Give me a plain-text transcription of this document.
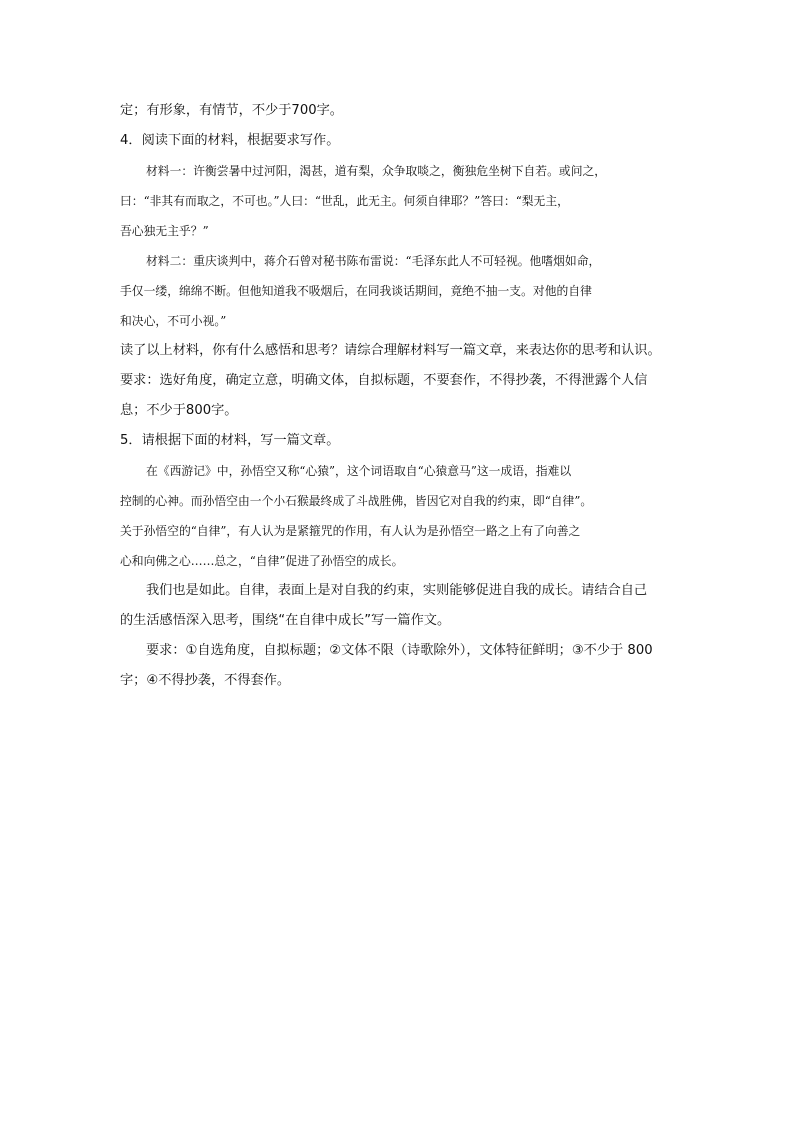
定；有形象，有情节，不少于700字。
4．阅读下面的材料，根据要求写作。
材料一：许衡尝暑中过河阳，渴甚，道有梨，众争取啖之，衡独危坐树下自若。或问之，
曰：“非其有而取之，不可也。”人曰：“世乱，此无主。何须自律耶？”答曰：“梨无主，
吾心独无主乎？”
材料二：重庆谈判中，蒋介石曾对秘书陈布雷说：“毛泽东此人不可轻视。他嗜烟如命，
手仅一缕，绵绵不断。但他知道我不吸烟后，在同我谈话期间，竟绝不抽一支。对他的自律
和决心，不可小视。”
读了以上材料，你有什么感悟和思考？请综合理解材料写一篇文章，来表达你的思考和认识。
要求：选好角度，确定立意，明确文体，自拟标题，不要套作，不得抄袭，不得泄露个人信
息；不少于800字。
5．请根据下面的材料，写一篇文章。
在《西游记》中，孙悟空又称“心猿”，这个词语取自“心猿意马”这一成语，指难以
控制的心神。而孙悟空由一个小石猴最终成了斗战胜佛，皆因它对自我的约束，即“自律”。
关于孙悟空的“自律”，有人认为是紧箍咒的作用，有人认为是孙悟空一路之上有了向善之
心和向佛之心……总之，“自律”促进了孙悟空的成长。
我们也是如此。自律，表面上是对自我的约束，实则能够促进自我的成长。请结合自己
的生活感悟深入思考，围绕“在自律中成长”写一篇作文。
要求：①自选角度，自拟标题；②文体不限（诗歌除外），文体特征鲜明；③不少于 800
字；④不得抄袭，不得套作。
